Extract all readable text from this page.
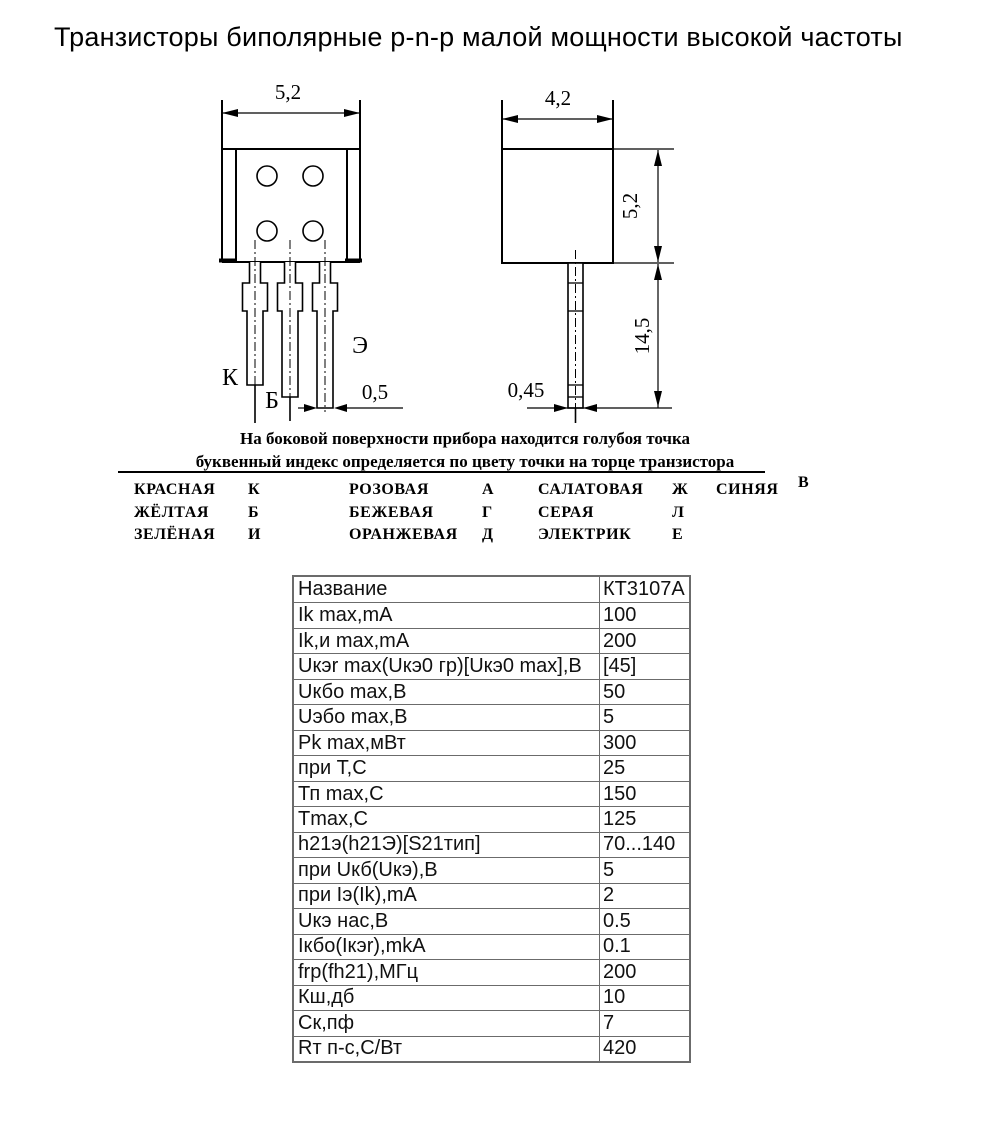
Транзисторы биполярные p-n-p малой мощности высокой частоты
5,2
0,5
К
Б
Э
4,2
5,2
14,5
0,45
На боковой поверхности прибора находится голубоя точка
буквенный индекс определяется по цвету точки на торце транзистора
КРАСНАЯ К	РОЗОВАЯ	А	САЛАТОВАЯ Ж СИНЯЯ В
ЖЁЛТАЯ Б	БЕЖЕВАЯ	Г	СЕРАЯ	Л
ЗЕЛЁНАЯ И	ОРАНЖЕВАЯ Д	ЭЛЕКТРИК	Е
Название	КТ3107А
Ik max,mA	100
Ik,и max,mA	200
Uкэr max(Uкэ0 гр)[Uкэ0 max],В	[45]
Uкбо max,В	50
Uэбо max,В	5
Pk max,мВт	300
при T,C	25
Тп max,C	150
Tmax,C	125
h21э(h21Э)[S21тип]	70...140
при Uкб(Uкэ),В	5
при Iэ(Ik),mA	2
Uкэ нас,В	0.5
Iкбо(Iкэr),mkA	0.1
frp(fh21),МГц	200
Кш,дб	10
Ск,пф	7
Rт п-с,С/Вт	420
